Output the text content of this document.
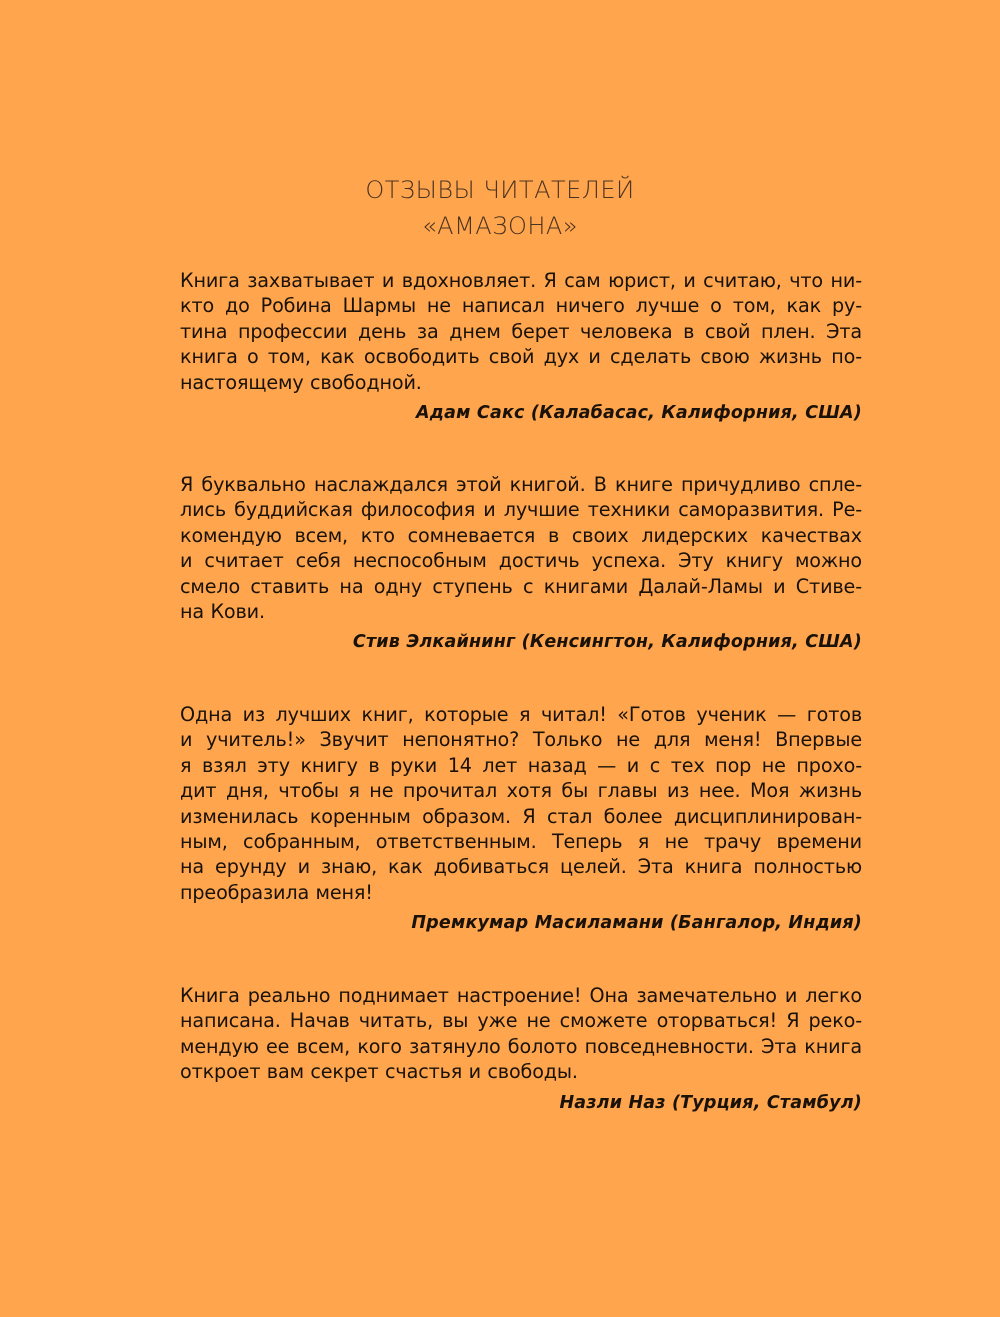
ОТЗЫВЫ ЧИТАТЕЛЕЙ
«АМАЗОНА»

Книга захватывает и вдохновляет. Я сам юрист, и считаю, что ни-
кто до Робина Шармы не написал ничего лучше о том, как ру-
тина профессии день за днем берет человека в свой плен. Эта
книга о том, как освободить свой дух и сделать свою жизнь по-
настоящему свободной.

Адам Сакс (Калабасас, Калифорния, США)

Я буквально наслаждался этой книгой. В книге причудливо спле-
лись буддийская философия и лучшие техники саморазвития. Ре-
комендую всем, кто сомневается в своих лидерских качествах
и считает себя неспособным достичь успеха. Эту книгу можно
смело ставить на одну ступень с книгами Далай-Ламы и Стиве-
на Кови.

Стив Элкайнинг (Кенсингтон, Калифорния, США)

Одна из лучших книг, которые я читал! «Готов ученик — готов
и учитель!» Звучит непонятно? Только не для меня! Впервые
я взял эту книгу в руки 14 лет назад — и с тех пор не прохо-
дит дня, чтобы я не прочитал хотя бы главы из нее. Моя жизнь
изменилась коренным образом. Я стал более дисциплинирован-
ным, собранным, ответственным. Теперь я не трачу времени
на ерунду и знаю, как добиваться целей. Эта книга полностью
преобразила меня!

Премкумар Масиламани (Бангалор, Индия)

Книга реально поднимает настроение! Она замечательно и легко
написана. Начав читать, вы уже не сможете оторваться! Я реко-
мендую ее всем, кого затянуло болото повседневности. Эта книга
откроет вам секрет счастья и свободы.

Назли Наз (Турция, Стамбул)
